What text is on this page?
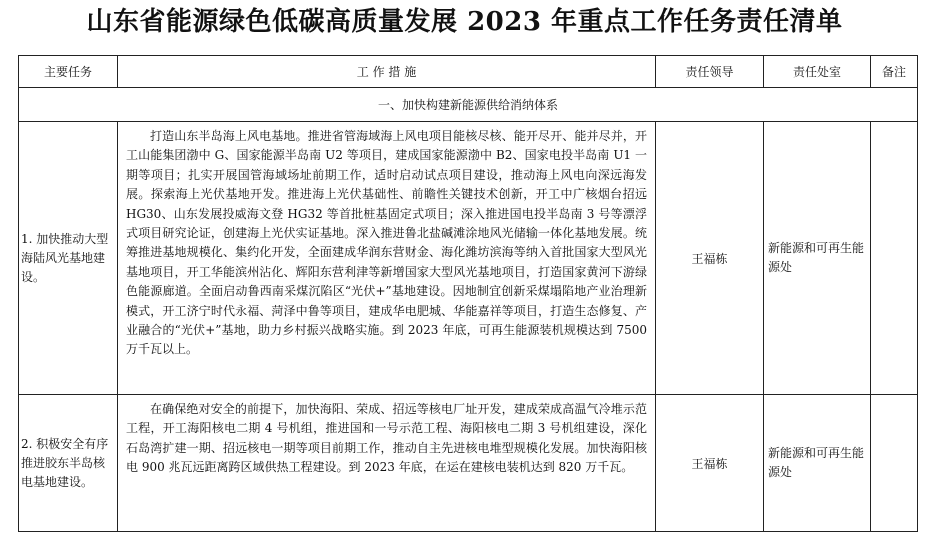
山东省能源绿色低碳高质量发展 2023 年重点工作任务责任清单
主要任务	工 作 措 施	责任领导	责任处室	备注
一、加快构建新能源供给消纳体系				
1. 加快推动大型海陆风光基地建设。	打造山东半岛海上风电基地。推进省管海域海上风电项目能核尽核、能开尽开、能并尽并，开工山能集团渤中 G、国家能源半岛南 U2 等项目，建成国家能源渤中 B2、国家电投半岛南 U1 一期等项目；扎实开展国管海域场址前期工作，适时启动试点项目建设，推动海上风电向深远海发展。探索海上光伏基地开发。推进海上光伏基础性、前瞻性关键技术创新，开工中广核烟台招远 HG30、山东发展投威海文登 HG32 等首批桩基固定式项目；深入推进国电投半岛南 3 号等漂浮式项目研究论证，创建海上光伏实证基地。深入推进鲁北盐碱滩涂地风光储输一体化基地发展。统筹推进基地规模化、集约化开发，全面建成华润东营财金、海化潍坊滨海等纳入首批国家大型风光基地项目，开工华能滨州沾化、辉阳东营利津等新增国家大型风光基地项目，打造国家黄河下游绿色能源廊道。全面启动鲁西南采煤沉陷区“光伏+”基地建设。因地制宜创新采煤塌陷地产业治理新模式，开工济宁时代永福、菏泽中鲁等项目，建成华电肥城、华能嘉祥等项目，打造生态修复、产业融合的“光伏+”基地，助力乡村振兴战略实施。到 2023 年底，可再生能源装机规模达到 7500 万千瓦以上。	王福栋	新能源和可再生能源处	
2. 积极安全有序推进胶东半岛核电基地建设。	在确保绝对安全的前提下，加快海阳、荣成、招远等核电厂址开发，建成荣成高温气冷堆示范工程，开工海阳核电二期 4 号机组，推进国和一号示范工程、海阳核电二期 3 号机组建设，深化石岛湾扩建一期、招远核电一期等项目前期工作，推动自主先进核电堆型规模化发展。加快海阳核电 900 兆瓦远距离跨区域供热工程建设。到 2023 年底，在运在建核电装机达到 820 万千瓦。	王福栋	新能源和可再生能源处	
